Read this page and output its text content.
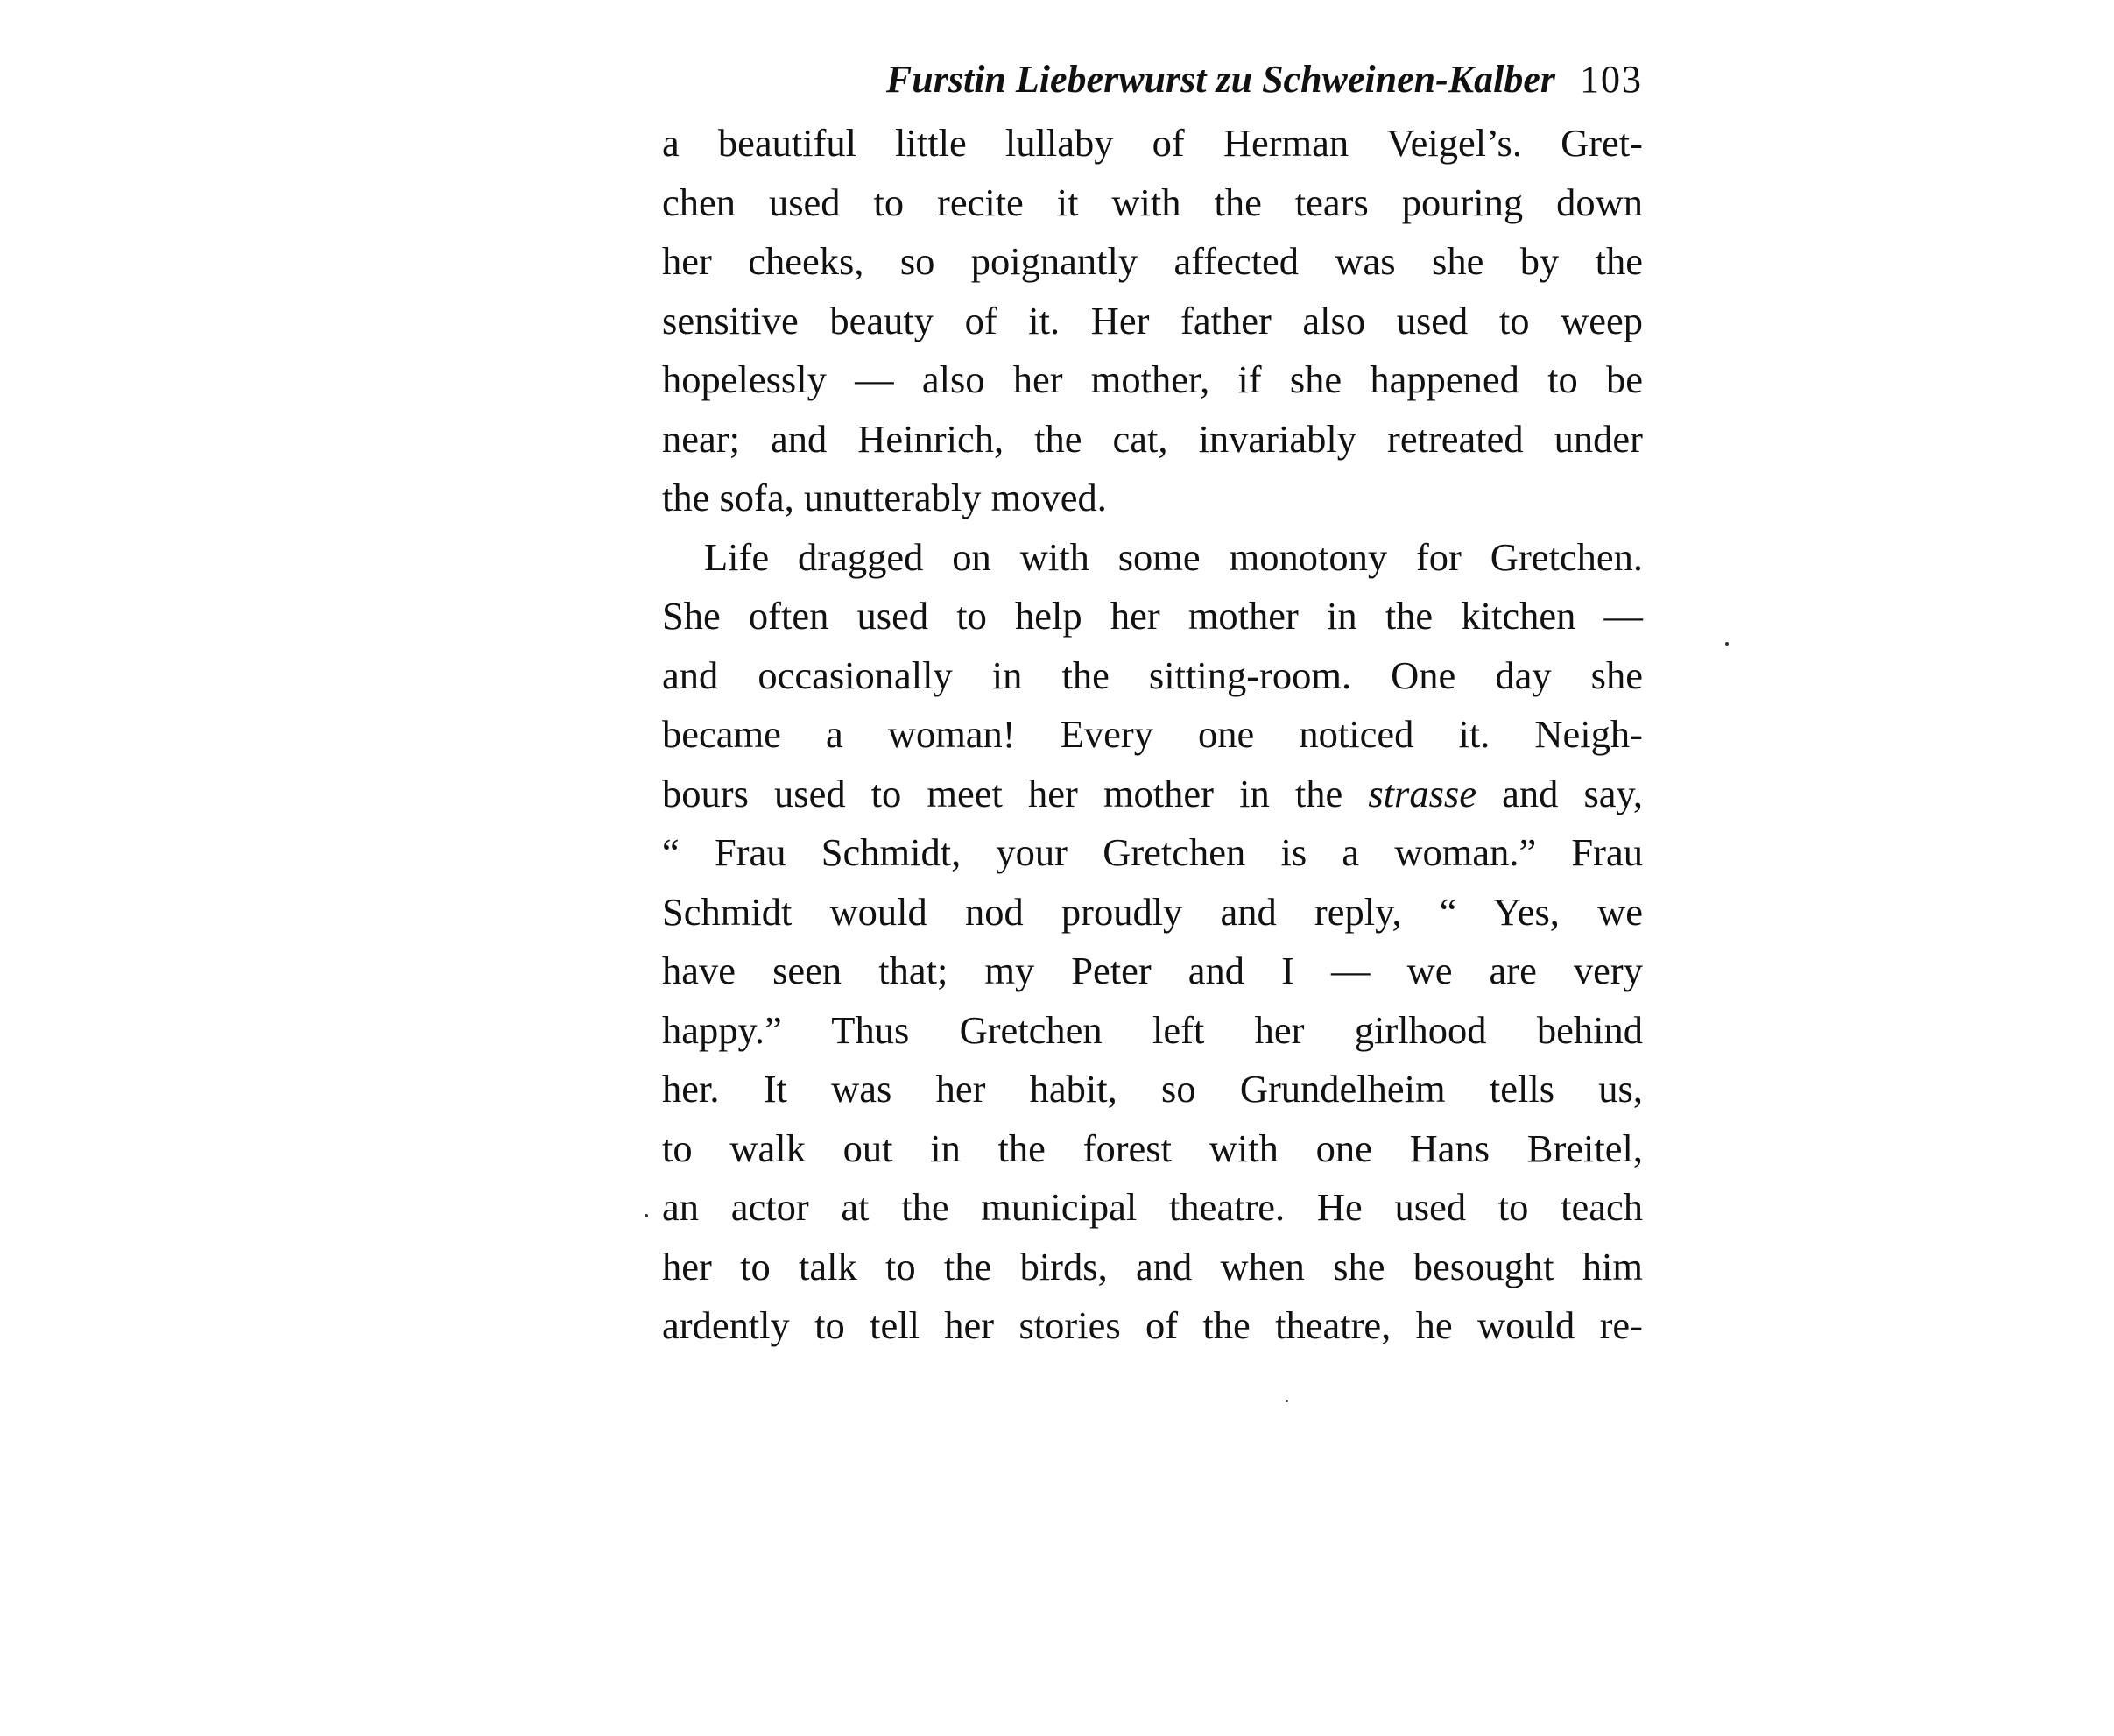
Furstin Lieberwurst zu Schweinen-Kalber 103
a beautiful little lullaby of Herman Veigel’s. Gret-
chen used to recite it with the tears pouring down
her cheeks, so poignantly affected was she by the
sensitive beauty of it. Her father also used to weep
hopelessly — also her mother, if she happened to be
near; and Heinrich, the cat, invariably retreated under
the sofa, unutterably moved.
Life dragged on with some monotony for Gretchen.
She often used to help her mother in the kitchen —
and occasionally in the sitting-room. One day she
became a woman! Every one noticed it. Neigh-
bours used to meet her mother in the strasse and say,
“ Frau Schmidt, your Gretchen is a woman.” Frau
Schmidt would nod proudly and reply, “ Yes, we
have seen that; my Peter and I — we are very
happy.” Thus Gretchen left her girlhood behind
her. It was her habit, so Grundelheim tells us,
to walk out in the forest with one Hans Breitel,
an actor at the municipal theatre. He used to teach
her to talk to the birds, and when she besought him
ardently to tell her stories of the theatre, he would re-
